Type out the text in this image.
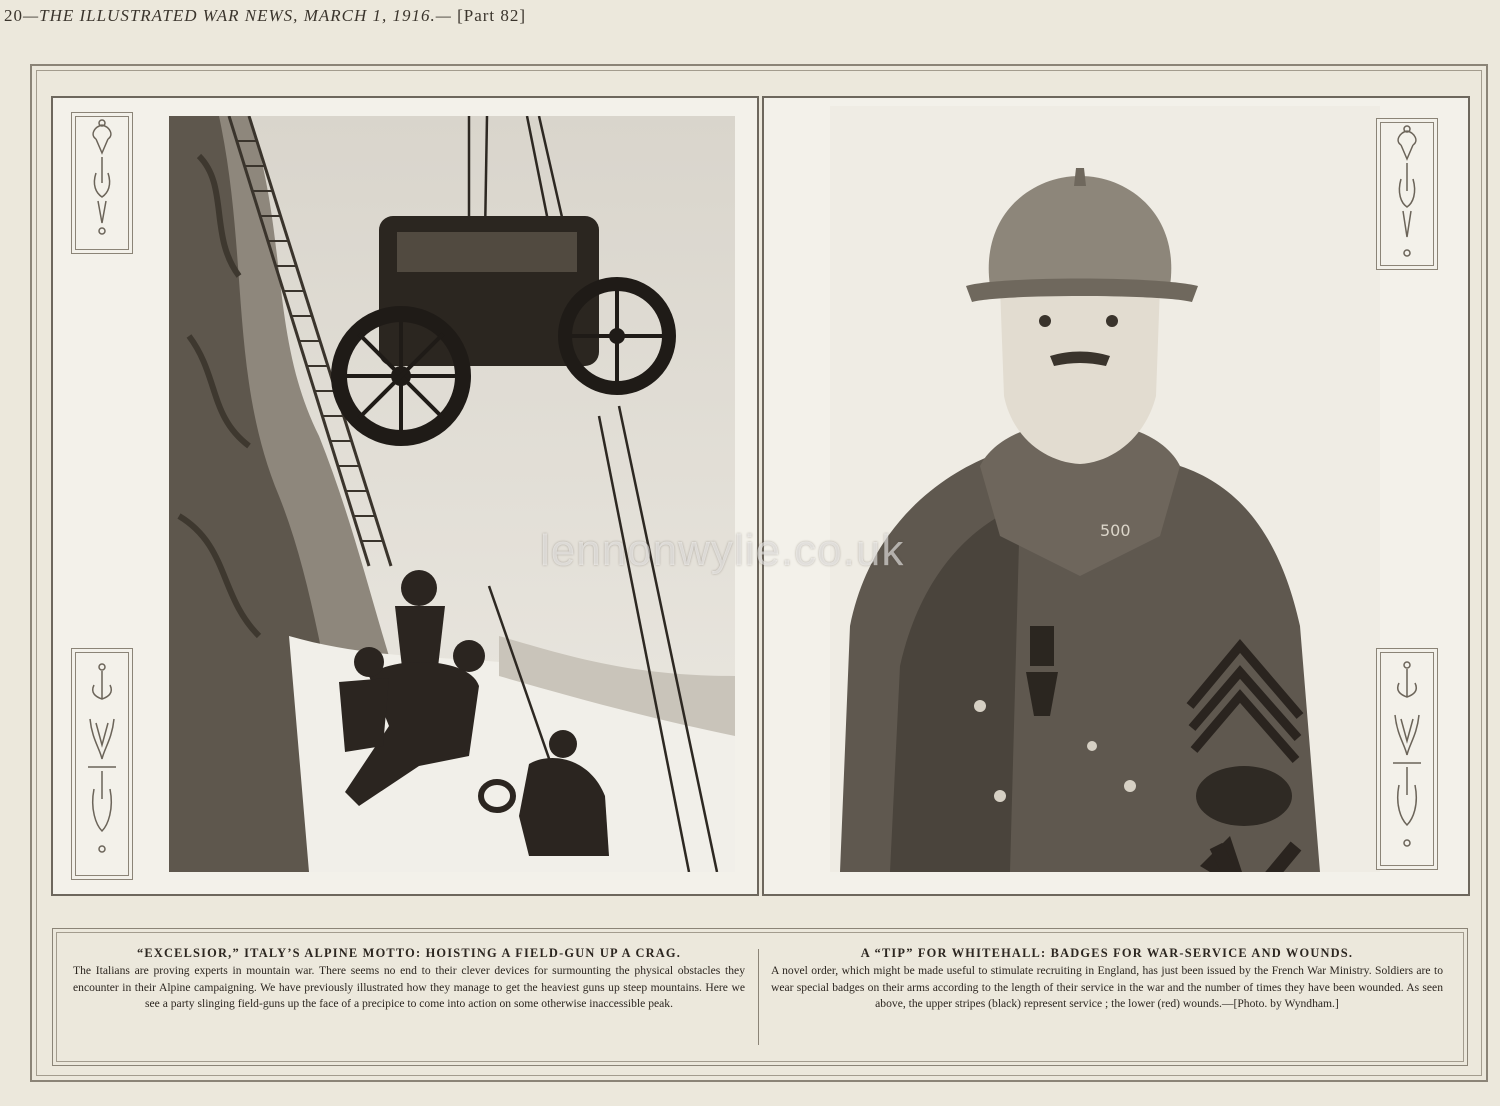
20—THE ILLUSTRATED WAR NEWS, MARCH 1, 1916.— [Part 82]
500
lennonwylie.co.uk
“EXCELSIOR,” ITALY’S ALPINE MOTTO: HOISTING A FIELD-GUN UP A CRAG.

The Italians are proving experts in mountain war. There seems no end to their clever devices for surmounting the physical obstacles they encounter in their Alpine campaigning. We have previously illustrated how they manage to get the heaviest guns up steep mountains. Here we see a party slinging field-guns up the face of a precipice to come into action on some otherwise inaccessible peak.

A “TIP” FOR WHITEHALL: BADGES FOR WAR-SERVICE AND WOUNDS.

A novel order, which might be made useful to stimulate recruiting in England, has just been issued by the French War Ministry. Soldiers are to wear special badges on their arms according to the length of their service in the war and the number of times they have been wounded. As seen above, the upper stripes (black) represent service ; the lower (red) wounds.—[Photo. by Wyndham.]
